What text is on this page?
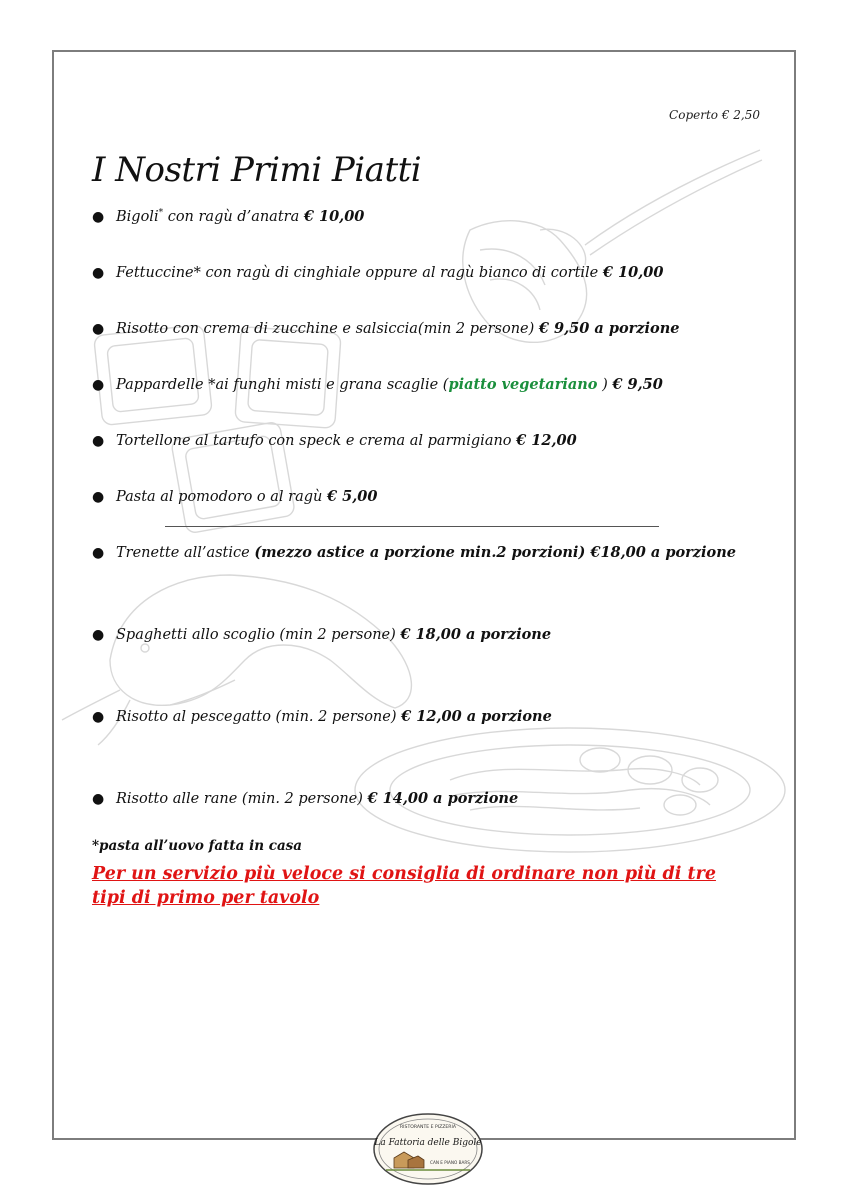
Coperto € 2,50
I Nostri Primi Piatti
● Bigoli* con ragù d’anatra € 10,00
● Fettuccine* con ragù di cinghiale oppure al ragù bianco di cortile € 10,00
● Risotto con crema di zucchine e salsiccia(min 2 persone) € 9,50 a porzione
● Pappardelle *ai funghi misti e grana scaglie (piatto vegetariano ) € 9,50
● Tortellone al tartufo con speck e crema al parmigiano € 12,00
● Pasta al pomodoro o al ragù € 5,00
● Trenette all’astice (mezzo astice a porzione min.2 porzioni) €18,00 a porzione
● Spaghetti allo scoglio (min 2 persone) € 18,00 a porzione
● Risotto al pescegatto (min. 2 persone) € 12,00 a porzione
● Risotto alle rane (min. 2 persone) € 14,00 a porzione
*pasta all’uovo fatta in casa
Per un servizio più veloce si consiglia di ordinare non più di tre tipi di primo per tavolo
RISTORANTE E PIZZERIA
La Fattoria delle Bigole
CAN E PIANO BARS
